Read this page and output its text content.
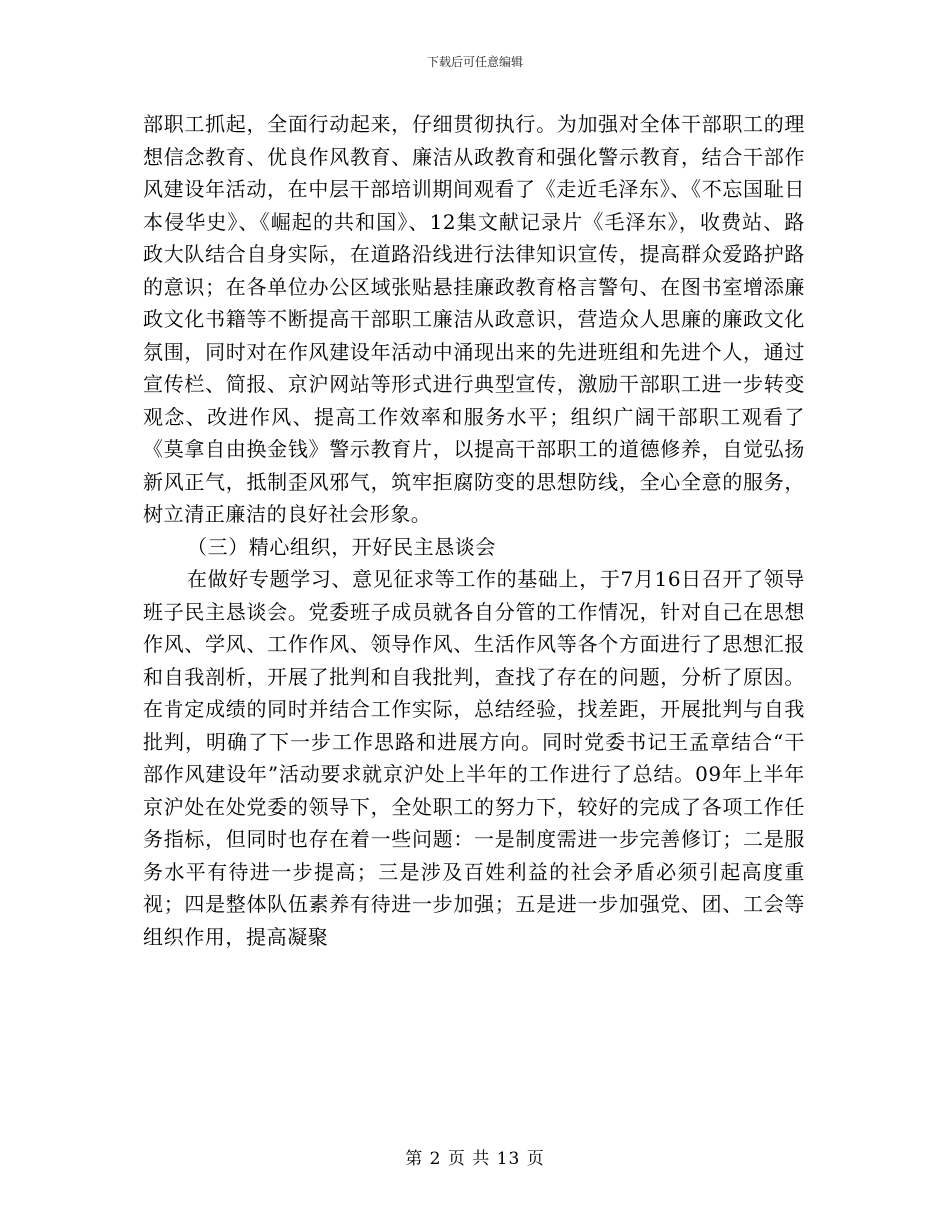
下载后可任意编辑

部职工抓起，全面行动起来，仔细贯彻执行。为加强对全体干部职工的理想信念教育、优良作风教育、廉洁从政教育和强化警示教育，结合干部作风建设年活动，在中层干部培训期间观看了《走近毛泽东》、《不忘国耻日本侵华史》、《崛起的共和国》、12集文献记录片《毛泽东》，收费站、路政大队结合自身实际，在道路沿线进行法律知识宣传，提高群众爱路护路的意识；在各单位办公区域张贴悬挂廉政教育格言警句、在图书室增添廉政文化书籍等不断提高干部职工廉洁从政意识，营造众人思廉的廉政文化氛围，同时对在作风建设年活动中涌现出来的先进班组和先进个人，通过宣传栏、简报、京沪网站等形式进行典型宣传，激励干部职工进一步转变观念、改进作风、提高工作效率和服务水平；组织广阔干部职工观看了《莫拿自由换金钱》警示教育片，以提高干部职工的道德修养，自觉弘扬新风正气，抵制歪风邪气，筑牢拒腐防变的思想防线，全心全意的服务，树立清正廉洁的良好社会形象。

（三）精心组织，开好民主恳谈会

在做好专题学习、意见征求等工作的基础上，于7月16日召开了领导班子民主恳谈会。党委班子成员就各自分管的工作情况，针对自己在思想作风、学风、工作作风、领导作风、生活作风等各个方面进行了思想汇报和自我剖析，开展了批判和自我批判，查找了存在的问题，分析了原因。在肯定成绩的同时并结合工作实际，总结经验，找差距，开展批判与自我批判，明确了下一步工作思路和进展方向。同时党委书记王孟章结合“干部作风建设年”活动要求就京沪处上半年的工作进行了总结。09年上半年京沪处在处党委的领导下，全处职工的努力下，较好的完成了各项工作任务指标，但同时也存在着一些问题：一是制度需进一步完善修订；二是服务水平有待进一步提高；三是涉及百姓利益的社会矛盾必须引起高度重视；四是整体队伍素养有待进一步加强；五是进一步加强党、团、工会等组织作用，提高凝聚

第 2 页 共 13 页
